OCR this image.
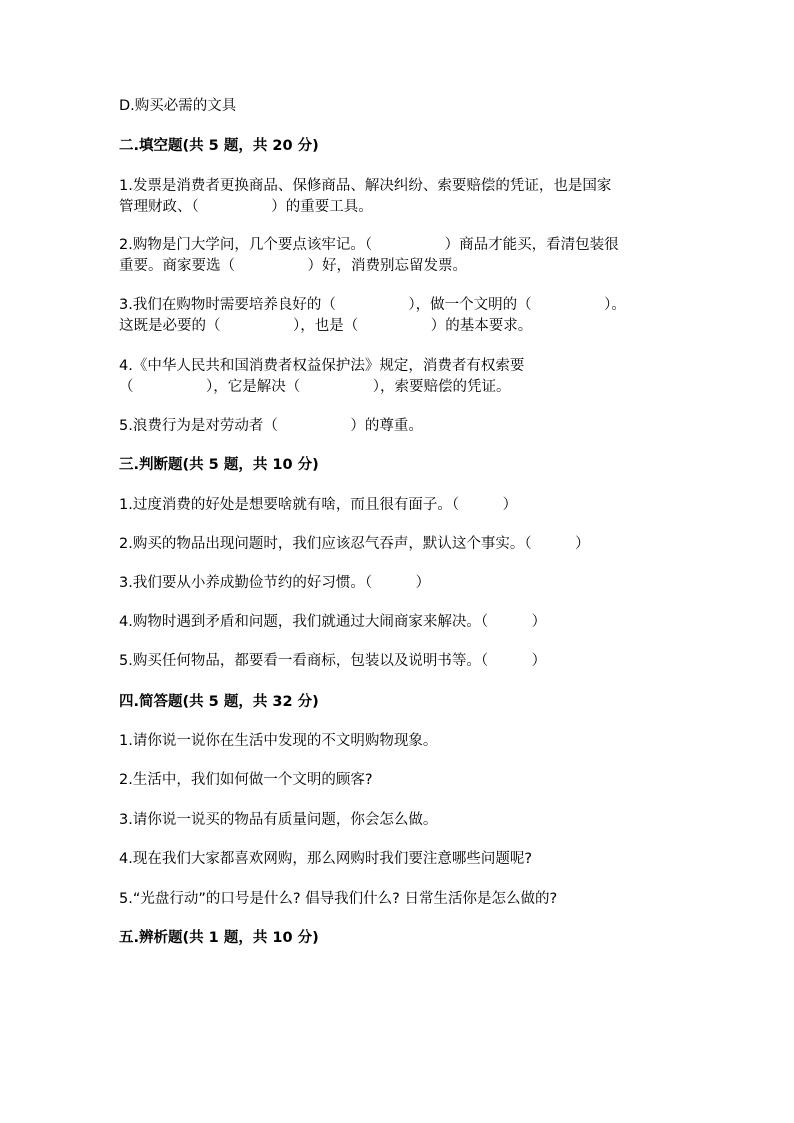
D.购买必需的文具
二.填空题(共 5 题，共 20 分)
1.发票是消费者更换商品、保修商品、解决纠纷、索要赔偿的凭证，也是国家
管理财政、（　　　　　）的重要工具。
2.购物是门大学问，几个要点该牢记。（　　　　　）商品才能买，看清包装很
重要。商家要选（　　　　　）好，消费别忘留发票。
3.我们在购物时需要培养良好的（　　　　　），做一个文明的（　　　　　）。
这既是必要的（　　　　　），也是（　　　　　）的基本要求。
4.《中华人民共和国消费者权益保护法》规定，消费者有权索要
（　　　　　），它是解决（　　　　　），索要赔偿的凭证。
5.浪费行为是对劳动者（　　　　　）的尊重。
三.判断题(共 5 题，共 10 分)
1.过度消费的好处是想要啥就有啥，而且很有面子。（　　　）
2.购买的物品出现问题时，我们应该忍气吞声，默认这个事实。（　　　）
3.我们要从小养成勤俭节约的好习惯。（　　　）
4.购物时遇到矛盾和问题，我们就通过大闹商家来解决。（　　　）
5.购买任何物品，都要看一看商标，包装以及说明书等。（　　　）
四.简答题(共 5 题，共 32 分)
1.请你说一说你在生活中发现的不文明购物现象。
2.生活中，我们如何做一个文明的顾客?
3.请你说一说买的物品有质量问题，你会怎么做。
4.现在我们大家都喜欢网购，那么网购时我们要注意哪些问题呢?
5.“光盘行动”的口号是什么? 倡导我们什么? 日常生活你是怎么做的?
五.辨析题(共 1 题，共 10 分)
